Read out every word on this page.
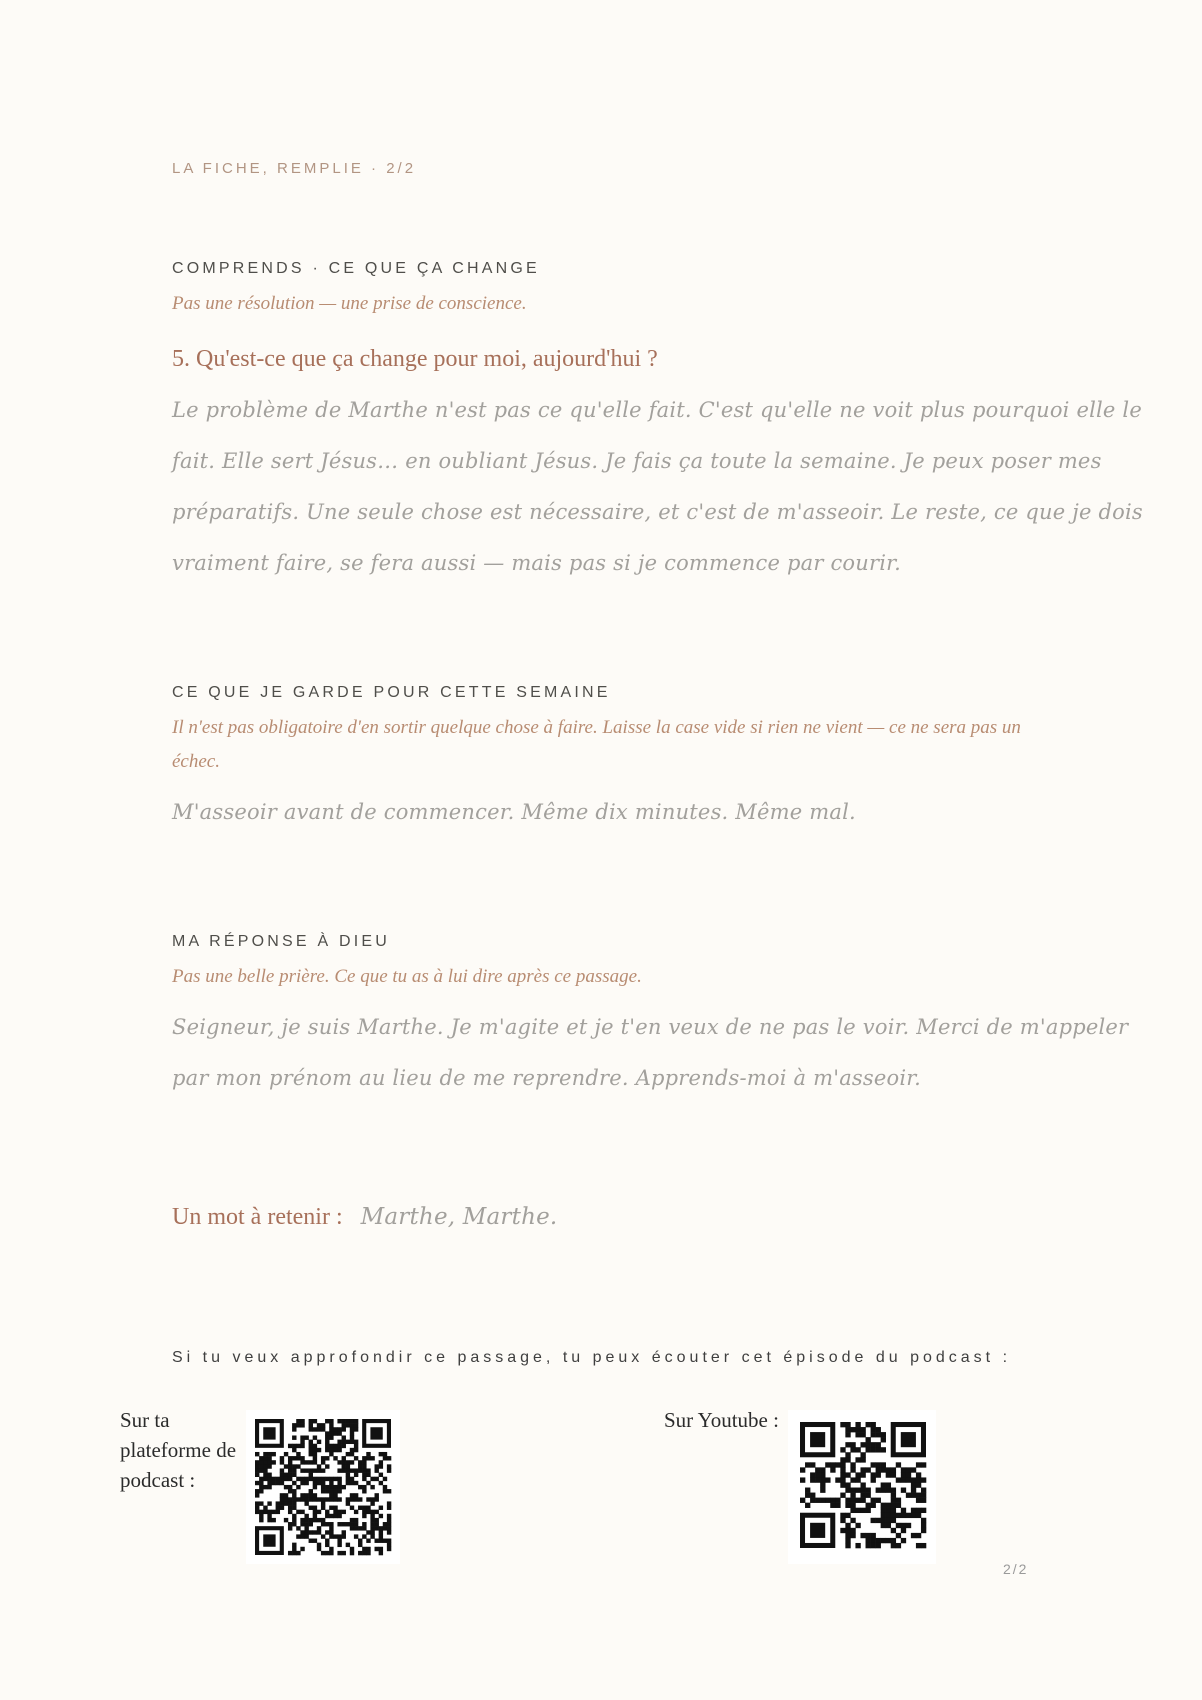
LA FICHE, REMPLIE · 2/2
COMPRENDS · CE QUE ÇA CHANGE
Pas une résolution — une prise de conscience.
5. Qu'est-ce que ça change pour moi, aujourd'hui ?
Le problème de Marthe n'est pas ce qu'elle fait. C'est qu'elle ne voit plus pourquoi elle le
fait. Elle sert Jésus… en oubliant Jésus. Je fais ça toute la semaine. Je peux poser mes
préparatifs. Une seule chose est nécessaire, et c'est de m'asseoir. Le reste, ce que je dois
vraiment faire, se fera aussi — mais pas si je commence par courir.
CE QUE JE GARDE POUR CETTE SEMAINE
Il n'est pas obligatoire d'en sortir quelque chose à faire. Laisse la case vide si rien ne vient — ce ne sera pas un
échec.
M'asseoir avant de commencer. Même dix minutes. Même mal.
MA RÉPONSE À DIEU
Pas une belle prière. Ce que tu as à lui dire après ce passage.
Seigneur, je suis Marthe. Je m'agite et je t'en veux de ne pas le voir. Merci de m'appeler
par mon prénom au lieu de me reprendre. Apprends-moi à m'asseoir.
Un mot à retenir : Marthe, Marthe.
Si tu veux approfondir ce passage, tu peux écouter cet épisode du podcast :
Sur ta
plateforme de
podcast :
Sur Youtube :
2/2
